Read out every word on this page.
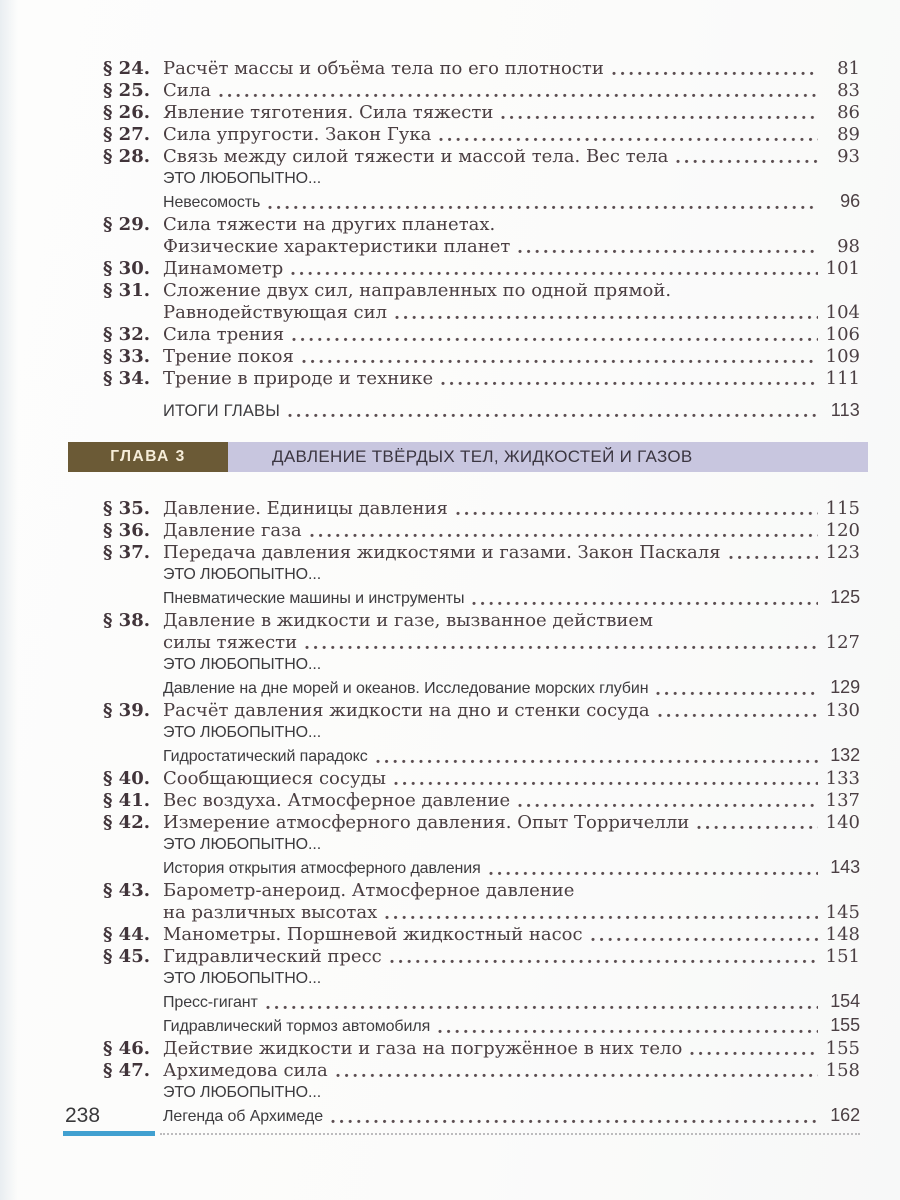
§ 24. Расчёт массы и объёма тела по его плотности	81
§ 25. Сила	83
§ 26. Явление тяготения. Сила тяжести	86
§ 27. Сила упругости. Закон Гука	89
§ 28. Связь между силой тяжести и массой тела. Вес тела	93
ЭТО ЛЮБОПЫТНО...
Невесомость	96
§ 29. Сила тяжести на других планетах.
Физические характеристики планет	98
§ 30. Динамометр	101
§ 31. Сложение двух сил, направленных по одной прямой.
Равнодействующая сил	104
§ 32. Сила трения	106
§ 33. Трение покоя	109
§ 34. Трение в природе и технике	111
ИТОГИ ГЛАВЫ	113
ГЛАВА 3	ДАВЛЕНИЕ ТВЁРДЫХ ТЕЛ, ЖИДКОСТЕЙ И ГАЗОВ
§ 35. Давление. Единицы давления	115
§ 36. Давление газа	120
§ 37. Передача давления жидкостями и газами. Закон Паскаля	123
ЭТО ЛЮБОПЫТНО...
Пневматические машины и инструменты	125
§ 38. Давление в жидкости и газе, вызванное действием
силы тяжести	127
ЭТО ЛЮБОПЫТНО...
Давление на дне морей и океанов. Исследование морских глубин	129
§ 39. Расчёт давления жидкости на дно и стенки сосуда	130
ЭТО ЛЮБОПЫТНО...
Гидростатический парадокс	132
§ 40. Сообщающиеся сосуды	133
§ 41. Вес воздуха. Атмосферное давление	137
§ 42. Измерение атмосферного давления. Опыт Торричелли	140
ЭТО ЛЮБОПЫТНО...
История открытия атмосферного давления	143
§ 43. Барометр-анероид. Атмосферное давление
на различных высотах	145
§ 44. Манометры. Поршневой жидкостный насос	148
§ 45. Гидравлический пресс	151
ЭТО ЛЮБОПЫТНО...
Пресс-гигант	154
Гидравлический тормоз автомобиля	155
§ 46. Действие жидкости и газа на погружённое в них тело	155
§ 47. Архимедова сила	158
ЭТО ЛЮБОПЫТНО...
Легенда об Архимеде	162
238
